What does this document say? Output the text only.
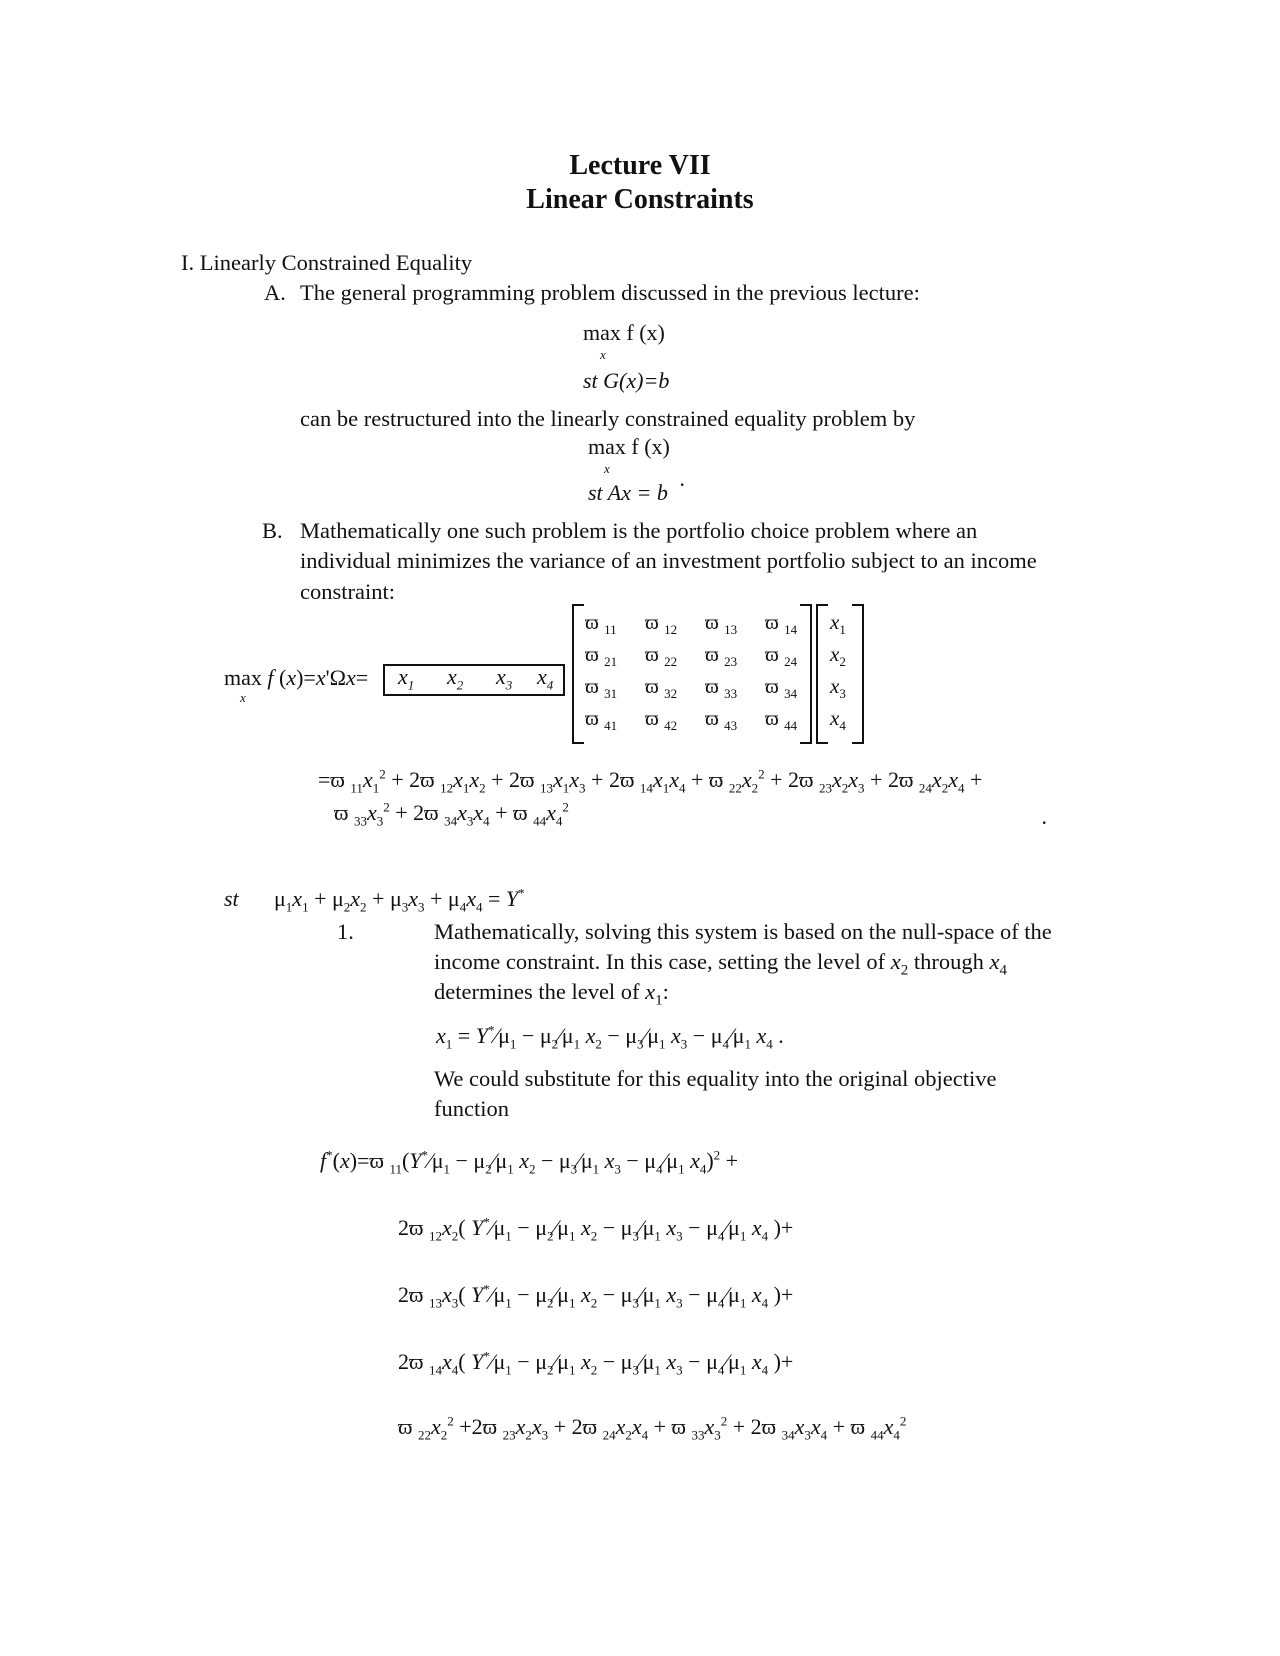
Lecture VII
Linear Constraints
I. Linearly Constrained Equality
A. The general programming problem discussed in the previous lecture:
max f (x)
x
st G(x)=b
can be restructured into the linearly constrained equality problem by
max f (x)
x
st Ax = b
.
B. Mathematically one such problem is the portfolio choice problem where an
individual minimizes the variance of an investment portfolio subject to an income
constraint:
max f (x)=x'Ωx=
x
$x_1$ $x_2$ $x_3$ $x_4$
ϖ $_{11}$ ϖ $_{12}$ ϖ $_{13}$ ϖ $_{14}$
ϖ $_{21}$ ϖ $_{22}$ ϖ $_{23}$ ϖ $_{24}$
ϖ $_{31}$ ϖ $_{32}$ ϖ $_{33}$ ϖ $_{34}$
ϖ $_{41}$ ϖ $_{42}$ ϖ $_{43}$ ϖ $_{44}$
$x_1$
$x_2$
$x_3$
$x_4$
=ϖ $_{11}x_1^2 + 2ϖ$ $_{12}x_1x_2 + 2ϖ$ $_{13}x_1x_3 + 2ϖ$ $_{14}x_1x_4 + ϖ$ $_{22}x_2^2 + 2ϖ$ $_{23}x_2x_3 + 2ϖ$ $_{24}x_2x_4$ +
ϖ $_{33}x_3^2 + 2ϖ$ $_{34}x_3x_4 + ϖ$ $_{44}x_4^2$	.
st $\mu_1x_1 + \mu_2x_2 + \mu_3x_3 + \mu_4x_4 = Y^*$
1.	Mathematically, solving this system is based on the null-space of the
income constraint. In this case, setting the level of $x_2$ through $x_4$
determines the level of $x_1$:
$x_1$ = $Y^*⁄\mu_1$ − $\mu_2⁄\mu_1$ $x_2$ − $\mu_3⁄\mu_1$ $x_3$ − $\mu_4⁄\mu_1$ $x_4$ .
We could substitute for this equality into the original objective
function
f*(x)=ϖ $_{11}(Y^*⁄\mu_1$ − $\mu_2⁄\mu_1$ $x_2$ − $\mu_3⁄\mu_1$ $x_3$ − $\mu_4⁄\mu_1$ $x_4)^2$ +
2ϖ $_{12}x_2$( $Y^*⁄\mu_1$ − $\mu_2⁄\mu_1$ $x_2$ − $\mu_3⁄\mu_1$ $x_3$ − $\mu_4⁄\mu_1$ $x_4$ )+
2ϖ $_{13}x_3$( $Y^*⁄\mu_1$ − $\mu_2⁄\mu_1$ $x_2$ − $\mu_3⁄\mu_1$ $x_3$ − $\mu_4⁄\mu_1$ $x_4$ )+
2ϖ $_{14}x_4$( $Y^*⁄\mu_1$ − $\mu_2⁄\mu_1$ $x_2$ − $\mu_3⁄\mu_1$ $x_3$ − $\mu_4⁄\mu_1$ $x_4$ )+
ϖ $_{22}x_2^2 +2ϖ$ $_{23}x_2x_3 + 2ϖ$ $_{24}x_2x_4 + ϖ$ $_{33}x_3^2 + 2ϖ$ $_{34}x_3x_4 + ϖ$ $_{44}x_4^2$
